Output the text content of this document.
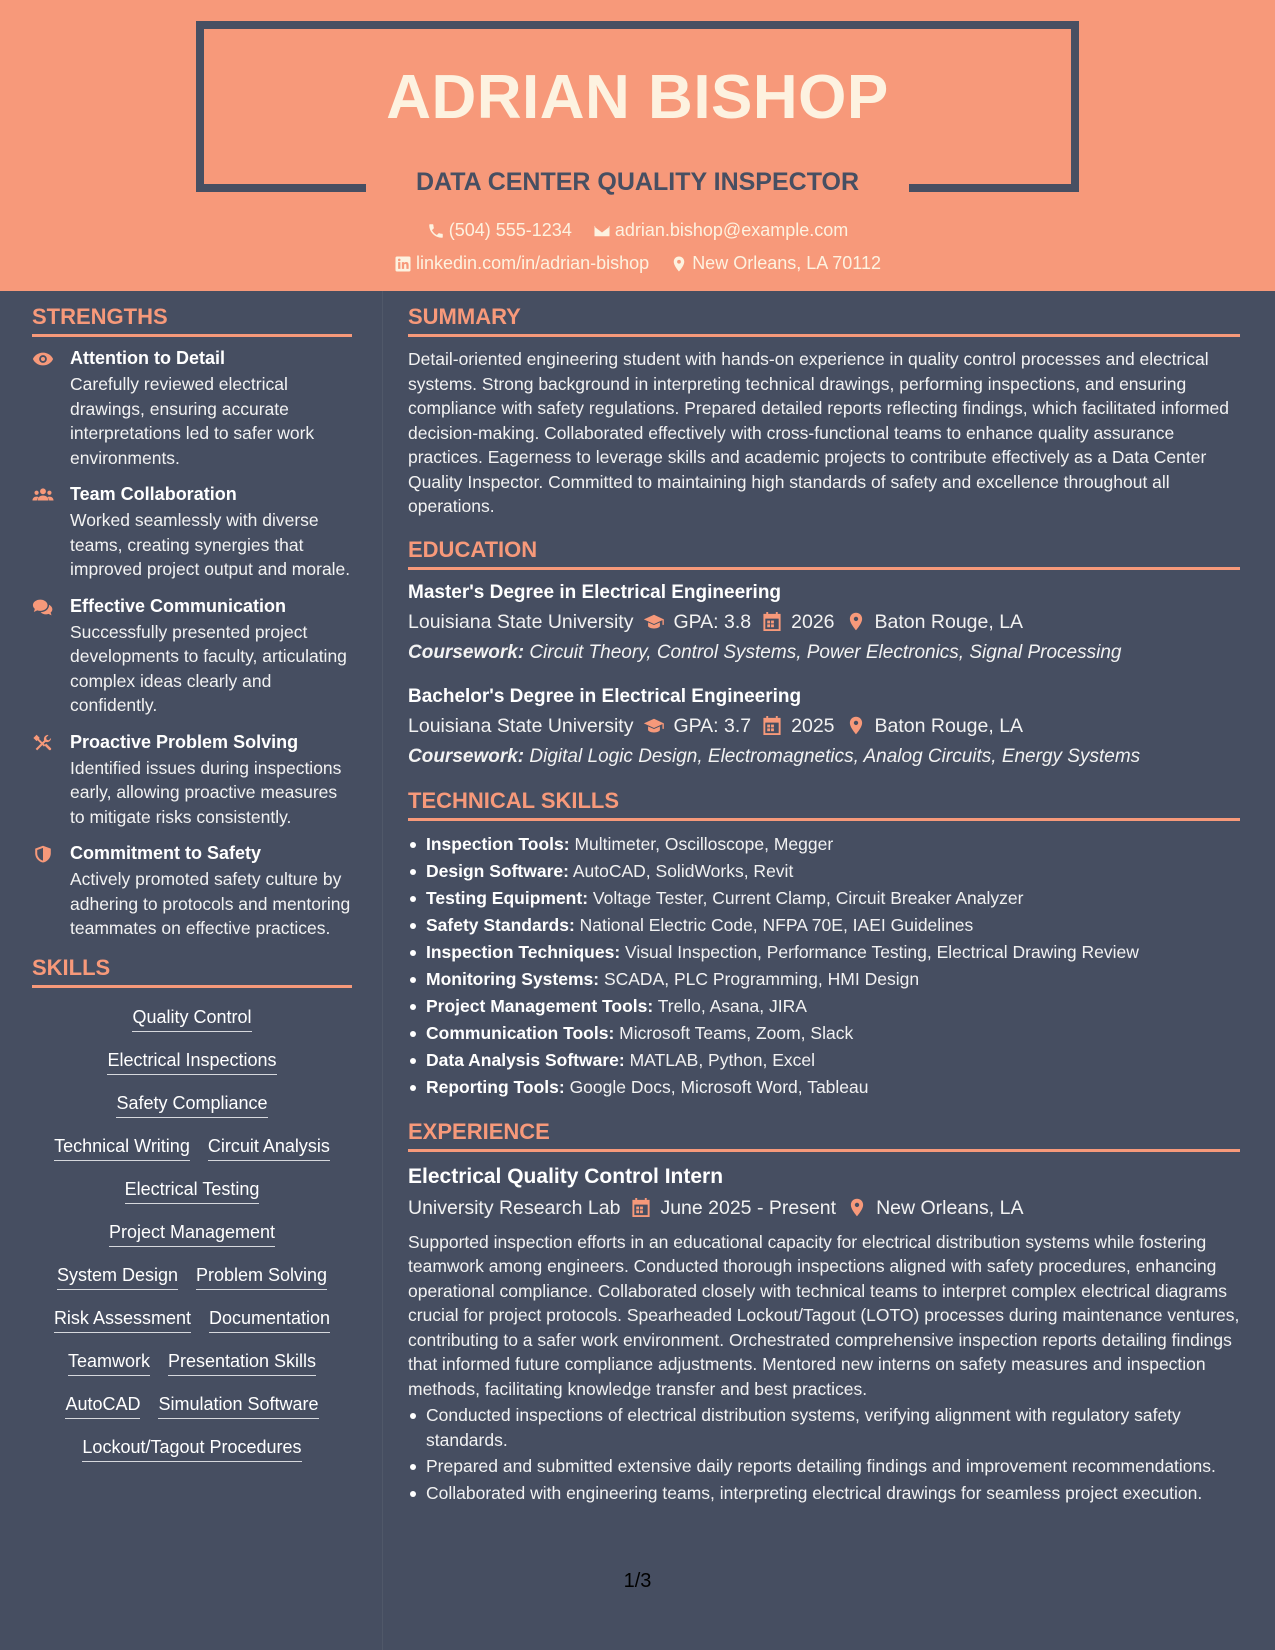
ADRIAN BISHOP
DATA CENTER QUALITY INSPECTOR
(504) 555-1234
adrian.bishop@example.com
linkedin.com/in/adrian-bishop
New Orleans, LA 70112
STRENGTHS
Attention to Detail

Carefully reviewed electrical drawings, ensuring accurate interpretations led to safer work environments.

Team Collaboration

Worked seamlessly with diverse teams, creating synergies that improved project output and morale.

Effective Communication

Successfully presented project developments to faculty, articulating complex ideas clearly and confidently.

Proactive Problem Solving

Identified issues during inspections early, allowing proactive measures to mitigate risks consistently.

Commitment to Safety

Actively promoted safety culture by adhering to protocols and mentoring teammates on effective practices.

SKILLS
Quality Control
Electrical Inspections
Safety Compliance
Technical Writing Circuit Analysis
Electrical Testing
Project Management
System Design Problem Solving
Risk Assessment Documentation
Teamwork Presentation Skills
AutoCAD Simulation Software
Lockout/Tagout Procedures
SUMMARY

Detail-oriented engineering student with hands-on experience in quality control processes and electrical systems. Strong background in interpreting technical drawings, performing inspections, and ensuring compliance with safety regulations. Prepared detailed reports reflecting findings, which facilitated informed decision-making. Collaborated effectively with cross-functional teams to enhance quality assurance practices. Eagerness to leverage skills and academic projects to contribute effectively as a Data Center Quality Inspector. Committed to maintaining high standards of safety and excellence throughout all operations.

EDUCATION
Master's Degree in Electrical Engineering
Louisiana State University GPA: 3.8 2026 Baton Rouge, LA
Coursework: Circuit Theory, Control Systems, Power Electronics, Signal Processing
Bachelor's Degree in Electrical Engineering
Louisiana State University GPA: 3.7 2025 Baton Rouge, LA
Coursework: Digital Logic Design, Electromagnetics, Analog Circuits, Energy Systems
TECHNICAL SKILLS
Inspection Tools: Multimeter, Oscilloscope, Megger
Design Software: AutoCAD, SolidWorks, Revit
Testing Equipment: Voltage Tester, Current Clamp, Circuit Breaker Analyzer
Safety Standards: National Electric Code, NFPA 70E, IAEI Guidelines
Inspection Techniques: Visual Inspection, Performance Testing, Electrical Drawing Review
Monitoring Systems: SCADA, PLC Programming, HMI Design
Project Management Tools: Trello, Asana, JIRA
Communication Tools: Microsoft Teams, Zoom, Slack
Data Analysis Software: MATLAB, Python, Excel
Reporting Tools: Google Docs, Microsoft Word, Tableau
EXPERIENCE
Electrical Quality Control Intern
University Research Lab June 2025 - Present New Orleans, LA

Supported inspection efforts in an educational capacity for electrical distribution systems while fostering teamwork among engineers. Conducted thorough inspections aligned with safety procedures, enhancing operational compliance. Collaborated closely with technical teams to interpret complex electrical diagrams crucial for project protocols. Spearheaded Lockout/Tagout (LOTO) processes during maintenance ventures, contributing to a safer work environment. Orchestrated comprehensive inspection reports detailing findings that informed future compliance adjustments. Mentored new interns on safety measures and inspection methods, facilitating knowledge transfer and best practices.

Conducted inspections of electrical distribution systems, verifying alignment with regulatory safety standards.
Prepared and submitted extensive daily reports detailing findings and improvement recommendations.
Collaborated with engineering teams, interpreting electrical drawings for seamless project execution.
1/3
